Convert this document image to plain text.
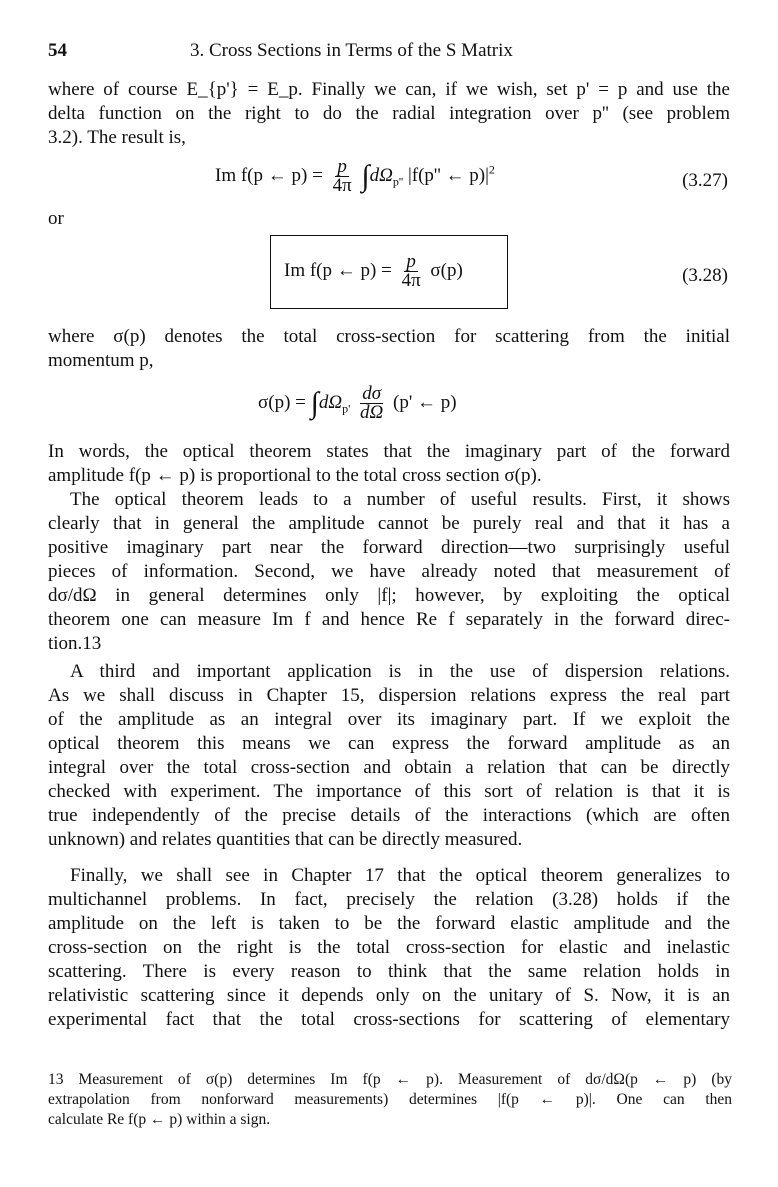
54	3. Cross Sections in Terms of the S Matrix
where of course E_{p'} = E_p. Finally we can, if we wish, set p' = p and use the
delta function on the right to do the radial integration over p'' (see problem
3.2). The result is,
Im f(p ← $p) = \frac{p}{4\pi} \int d\Omega_{p''}$ |f(p'' ← $p)|^2$
(3.27)
or
Im f(p ← $p) = \frac{p}{4\pi} \sigma(p)$	(3.28)
where σ(p) denotes the total cross-section for scattering from the initial
momentum p,
$\sigma(p) = \int d\Omega_{p'} \frac{d\sigma}{d\Omega} (p'$ ← p)
In words, the optical theorem states that the imaginary part of the forward
amplitude f(p ← p) is proportional to the total cross section σ(p).
The optical theorem leads to a number of useful results. First, it shows
clearly that in general the amplitude cannot be purely real and that it has a
positive imaginary part near the forward direction—two surprisingly useful
pieces of information. Second, we have already noted that measurement of
dσ/dΩ in general determines only |f|; however, by exploiting the optical
theorem one can measure Im f and hence Re f separately in the forward direc-
tion.13
A third and important application is in the use of dispersion relations.
As we shall discuss in Chapter 15, dispersion relations express the real part
of the amplitude as an integral over its imaginary part. If we exploit the
optical theorem this means we can express the forward amplitude as an
integral over the total cross-section and obtain a relation that can be directly
checked with experiment. The importance of this sort of relation is that it is
true independently of the precise details of the interactions (which are often
unknown) and relates quantities that can be directly measured.
Finally, we shall see in Chapter 17 that the optical theorem generalizes to
multichannel problems. In fact, precisely the relation (3.28) holds if the
amplitude on the left is taken to be the forward elastic amplitude and the
cross-section on the right is the total cross-section for elastic and inelastic
scattering. There is every reason to think that the same relation holds in
relativistic scattering since it depends only on the unitary of S. Now, it is an
experimental fact that the total cross-sections for scattering of elementary
13 Measurement of σ(p) determines Im f(p ← p). Measurement of dσ/dΩ(p ← p) (by
extrapolation from nonforward measurements) determines |f(p ← p)|. One can then
calculate Re f(p ← p) within a sign.
